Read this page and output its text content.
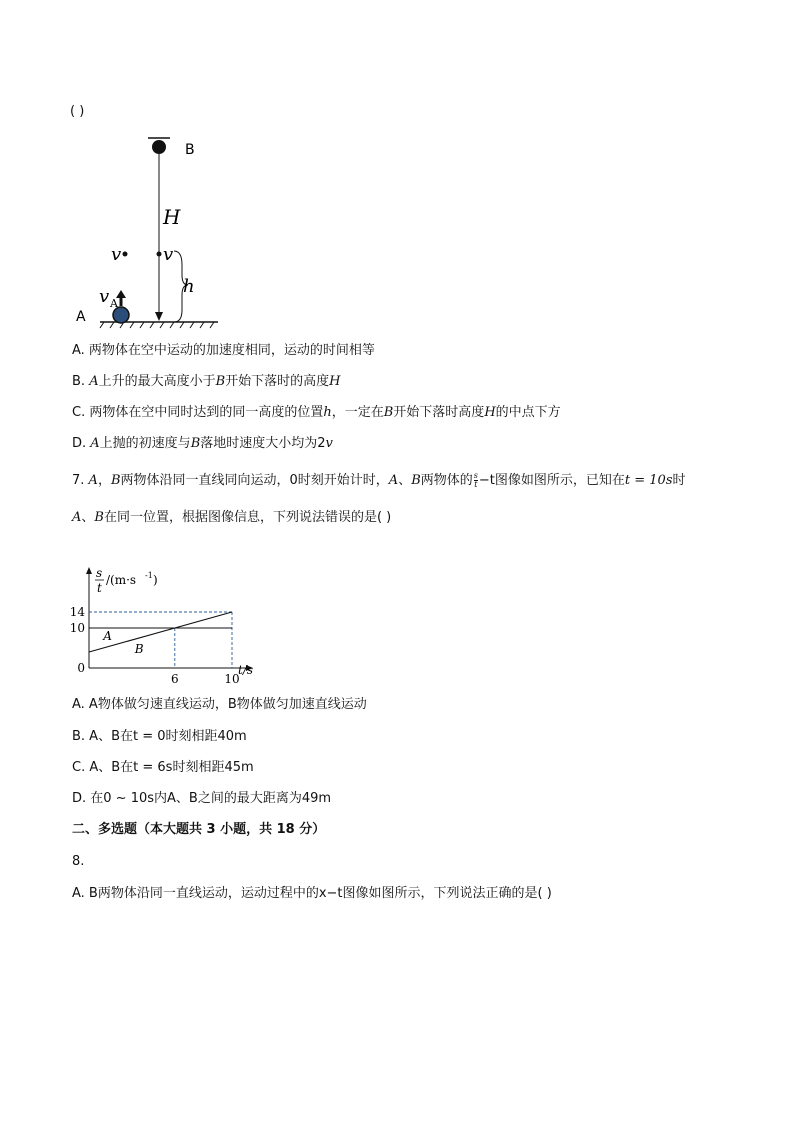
( )
B
H
v v
h
v A
A
A. 两物体在空中运动的加速度相同，运动的时间相等
B. A上升的最大高度小于B开始下落时的高度H
C. 两物体在空中同时达到的同一高度的位置h，一定在B开始下落时高度H的中点下方
D. A上抛的初速度与B落地时速度大小均为2v
7. A，B两物体沿同一直线同向运动，0时刻开始计时，A、B两物体的 $\frac{s}{t} -t$图像如图所示，已知在t = 10s时
A、B在同一位置，根据图像信息，下列说法错误的是( )
s
t
/(m·s -1 )
t/s
A
B
14
10
0
6	10
A. A物体做匀速直线运动，B物体做匀加速直线运动
B. A、B在t = 0时刻相距40m
C. A、B在t = 6s时刻相距45m
D. 在0 ~ 10s内A、B之间的最大距离为49m
二、多选题（本大题共 3 小题，共 18 分）
8.
A. B两物体沿同一直线运动，运动过程中的x−t图像如图所示，下列说法正确的是( )
